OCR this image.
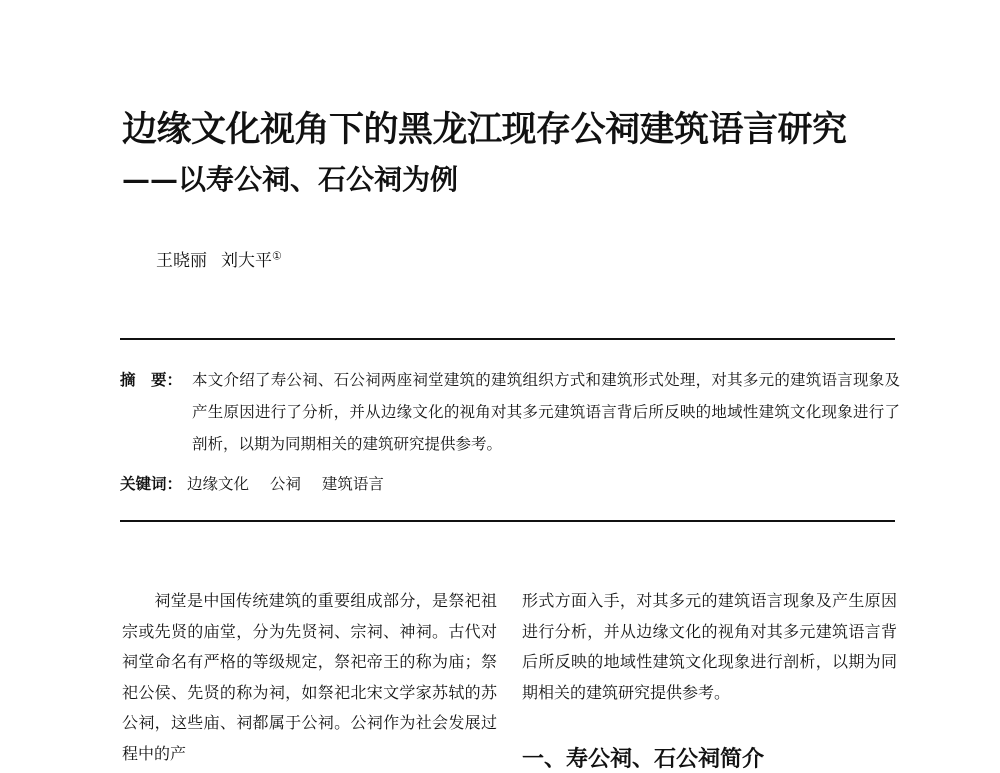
边缘文化视角下的黑龙江现存公祠建筑语言研究
——以寿公祠、石公祠为例
王晓丽 刘大平①
摘　要： 本文介绍了寿公祠、石公祠两座祠堂建筑的建筑组织方式和建筑形式处理，对其多元的建筑语言现象及产生原因进行了分析，并从边缘文化的视角对其多元建筑语言背后所反映的地域性建筑文化现象进行了剖析，以期为同期相关的建筑研究提供参考。
关键词： 边缘文化 公祠 建筑语言
祠堂是中国传统建筑的重要组成部分，是祭祀祖宗或先贤的庙堂，分为先贤祠、宗祠、神祠。古代对祠堂命名有严格的等级规定，祭祀帝王的称为庙；祭祀公侯、先贤的称为祠，如祭祀北宋文学家苏轼的苏公祠，这些庙、祠都属于公祠。公祠作为社会发展过程中的产
形式方面入手，对其多元的建筑语言现象及产生原因进行分析，并从边缘文化的视角对其多元建筑语言背后所反映的地域性建筑文化现象进行剖析，以期为同期相关的建筑研究提供参考。
一、寿公祠、石公祠简介
